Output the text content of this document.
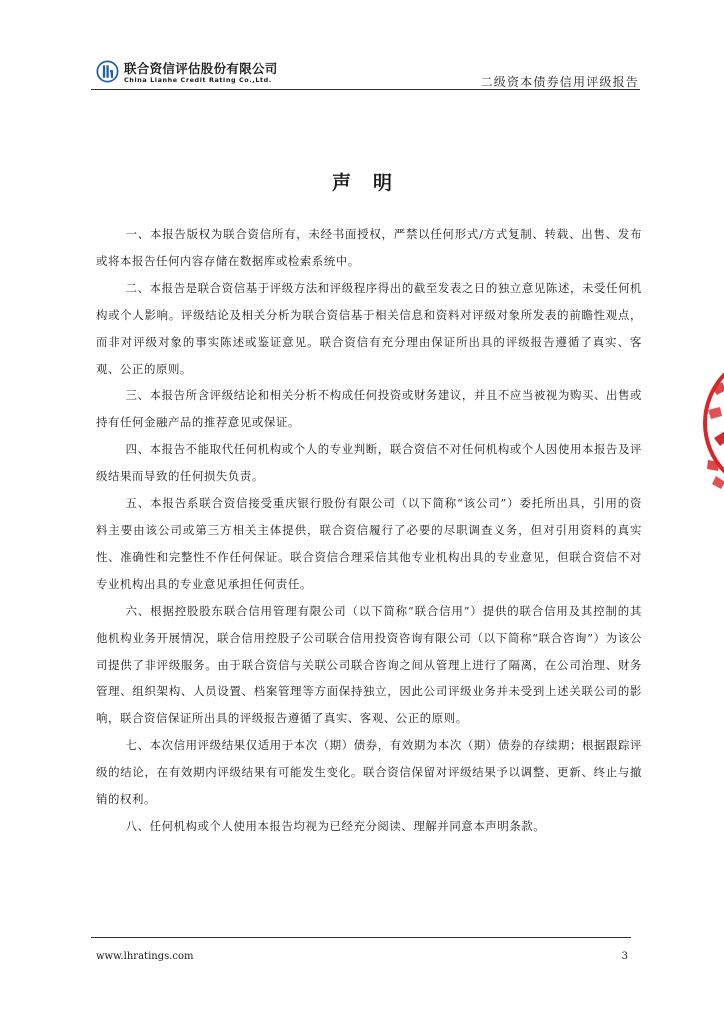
联合资信评估股份有限公司
China Lianhe Credit Rating Co.,Ltd.	二级资本债券信用评级报告
声明

一、本报告版权为联合资信所有，未经书面授权，严禁以任何形式/方式复制、转载、出售、发布或将本报告任何内容存储在数据库或检索系统中。

二、本报告是联合资信基于评级方法和评级程序得出的截至发表之日的独立意见陈述，未受任何机构或个人影响。评级结论及相关分析为联合资信基于相关信息和资料对评级对象所发表的前瞻性观点，而非对评级对象的事实陈述或鉴证意见。联合资信有充分理由保证所出具的评级报告遵循了真实、客观、公正的原则。

三、本报告所含评级结论和相关分析不构成任何投资或财务建议，并且不应当被视为购买、出售或持有任何金融产品的推荐意见或保证。

四、本报告不能取代任何机构或个人的专业判断，联合资信不对任何机构或个人因使用本报告及评级结果而导致的任何损失负责。

五、本报告系联合资信接受重庆银行股份有限公司（以下简称“该公司”）委托所出具，引用的资料主要由该公司或第三方相关主体提供，联合资信履行了必要的尽职调查义务，但对引用资料的真实性、准确性和完整性不作任何保证。联合资信合理采信其他专业机构出具的专业意见，但联合资信不对专业机构出具的专业意见承担任何责任。

六、根据控股股东联合信用管理有限公司（以下简称“联合信用”）提供的联合信用及其控制的其他机构业务开展情况，联合信用控股子公司联合信用投资咨询有限公司（以下简称“联合咨询”）为该公司提供了非评级服务。由于联合资信与关联公司联合咨询之间从管理上进行了隔离，在公司治理、财务管理、组织架构、人员设置、档案管理等方面保持独立，因此公司评级业务并未受到上述关联公司的影响，联合资信保证所出具的评级报告遵循了真实、客观、公正的原则。

七、本次信用评级结果仅适用于本次（期）债券，有效期为本次（期）债券的存续期；根据跟踪评级的结论，在有效期内评级结果有可能发生变化。联合资信保留对评级结果予以调整、更新、终止与撤销的权利。

八、任何机构或个人使用本报告均视为已经充分阅读、理解并同意本声明条款。

www.lhratings.com	3
